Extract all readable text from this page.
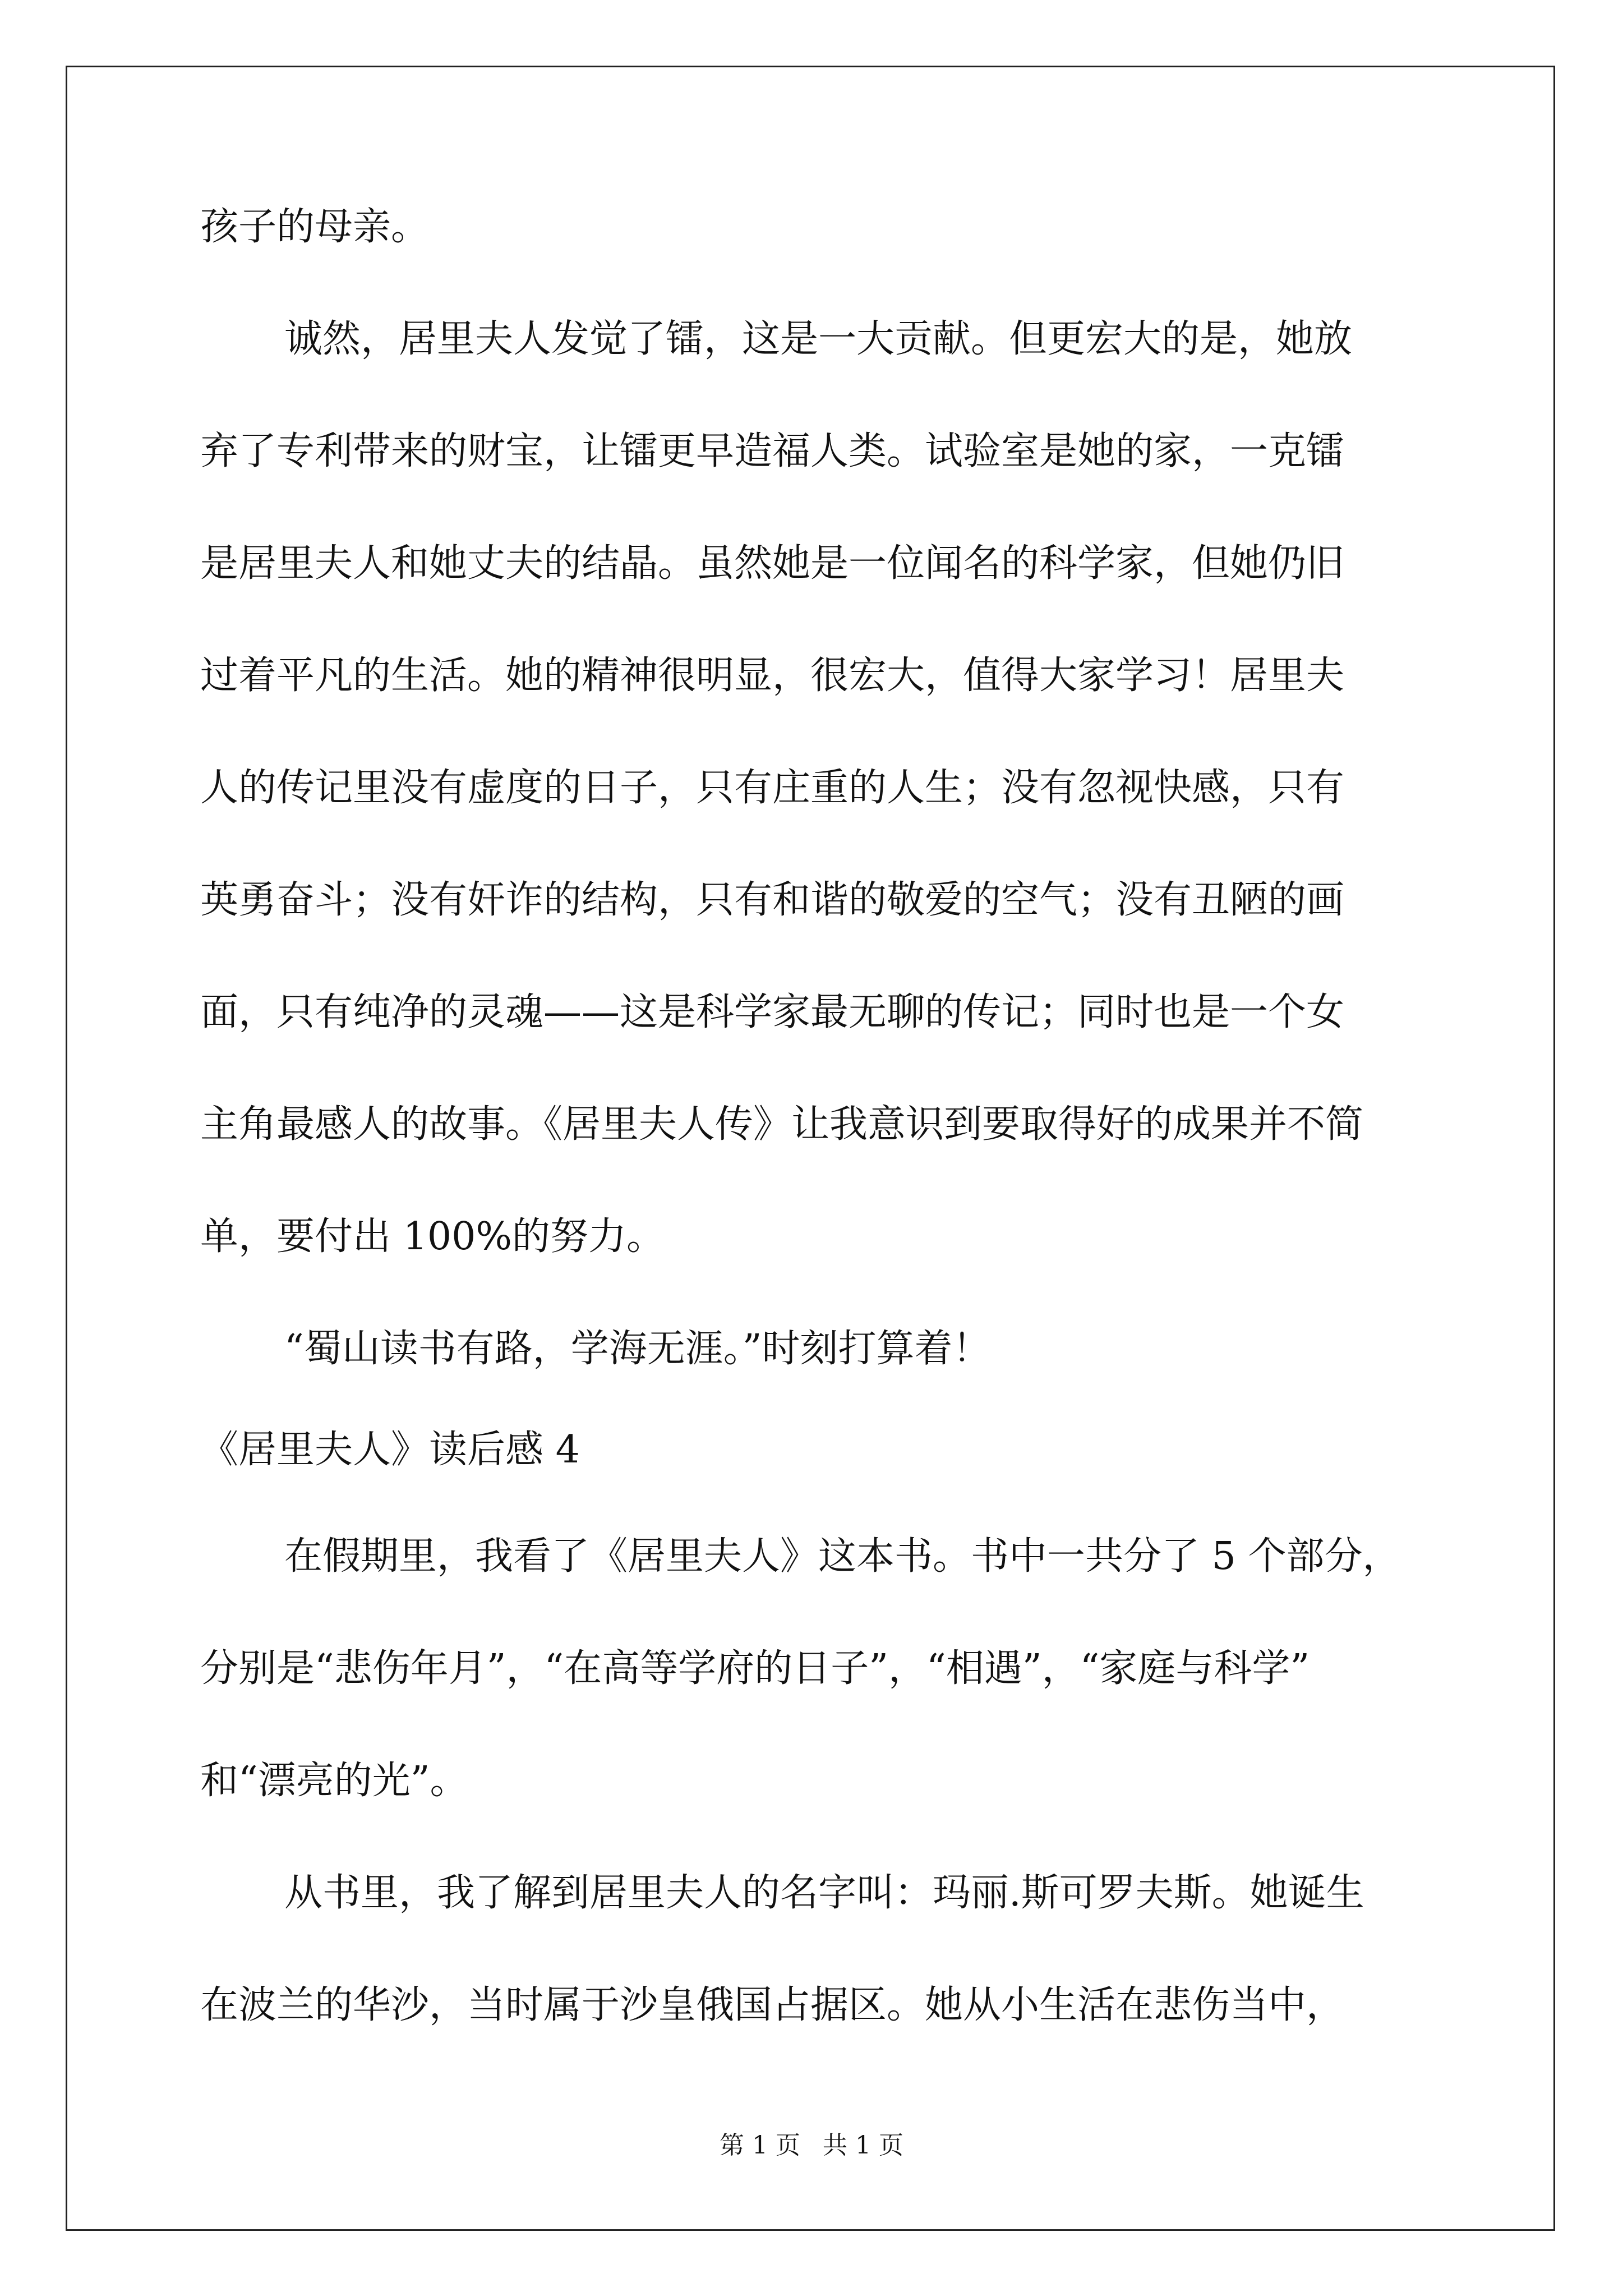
孩子的母亲。
诚然，居里夫人发觉了镭，这是一大贡献。但更宏大的是，她放
弃了专利带来的财宝，让镭更早造福人类。试验室是她的家，一克镭
是居里夫人和她丈夫的结晶。虽然她是一位闻名的科学家，但她仍旧
过着平凡的生活。她的精神很明显，很宏大，值得大家学习！居里夫
人的传记里没有虚度的日子，只有庄重的人生；没有忽视快感，只有
英勇奋斗；没有奸诈的结构，只有和谐的敬爱的空气；没有丑陋的画
面，只有纯净的灵魂——这是科学家最无聊的传记；同时也是一个女
主角最感人的故事。《居里夫人传》让我意识到要取得好的成果并不简
单，要付出 100%的努力。
“蜀山读书有路，学海无涯。”时刻打算着！
《居里夫人》读后感 4
在假期里，我看了《居里夫人》这本书。书中一共分了 5 个部分，
分别是“悲伤年月”，“在高等学府的日子”，“相遇”，“家庭与科学”
和“漂亮的光”。
从书里，我了解到居里夫人的名字叫：玛丽.斯可罗夫斯。她诞生
在波兰的华沙，当时属于沙皇俄国占据区。她从小生活在悲伤当中，
第 1 页 共 1 页
